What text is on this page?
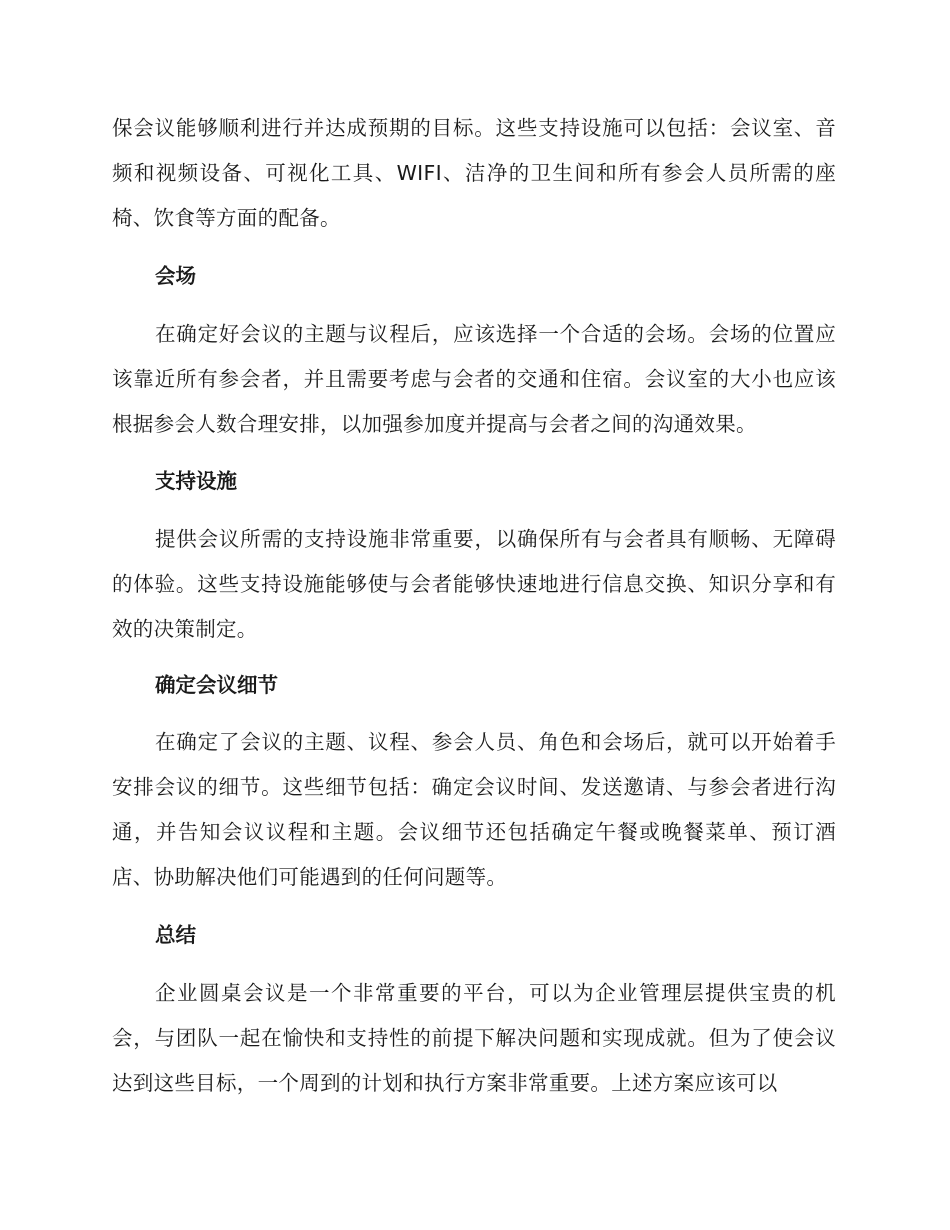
保会议能够顺利进行并达成预期的目标。这些支持设施可以包括：会议室、音频和视频设备、可视化工具、WIFI、洁净的卫生间和所有参会人员所需的座椅、饮食等方面的配备。

会场

在确定好会议的主题与议程后，应该选择一个合适的会场。会场的位置应该靠近所有参会者，并且需要考虑与会者的交通和住宿。会议室的大小也应该根据参会人数合理安排，以加强参加度并提高与会者之间的沟通效果。

支持设施

提供会议所需的支持设施非常重要，以确保所有与会者具有顺畅、无障碍的体验。这些支持设施能够使与会者能够快速地进行信息交换、知识分享和有效的决策制定。

确定会议细节

在确定了会议的主题、议程、参会人员、角色和会场后，就可以开始着手安排会议的细节。这些细节包括：确定会议时间、发送邀请、与参会者进行沟通，并告知会议议程和主题。会议细节还包括确定午餐或晚餐菜单、预订酒店、协助解决他们可能遇到的任何问题等。

总结

企业圆桌会议是一个非常重要的平台，可以为企业管理层提供宝贵的机会，与团队一起在愉快和支持性的前提下解决问题和实现成就。但为了使会议达到这些目标，一个周到的计划和执行方案非常重要。上述方案应该可以
